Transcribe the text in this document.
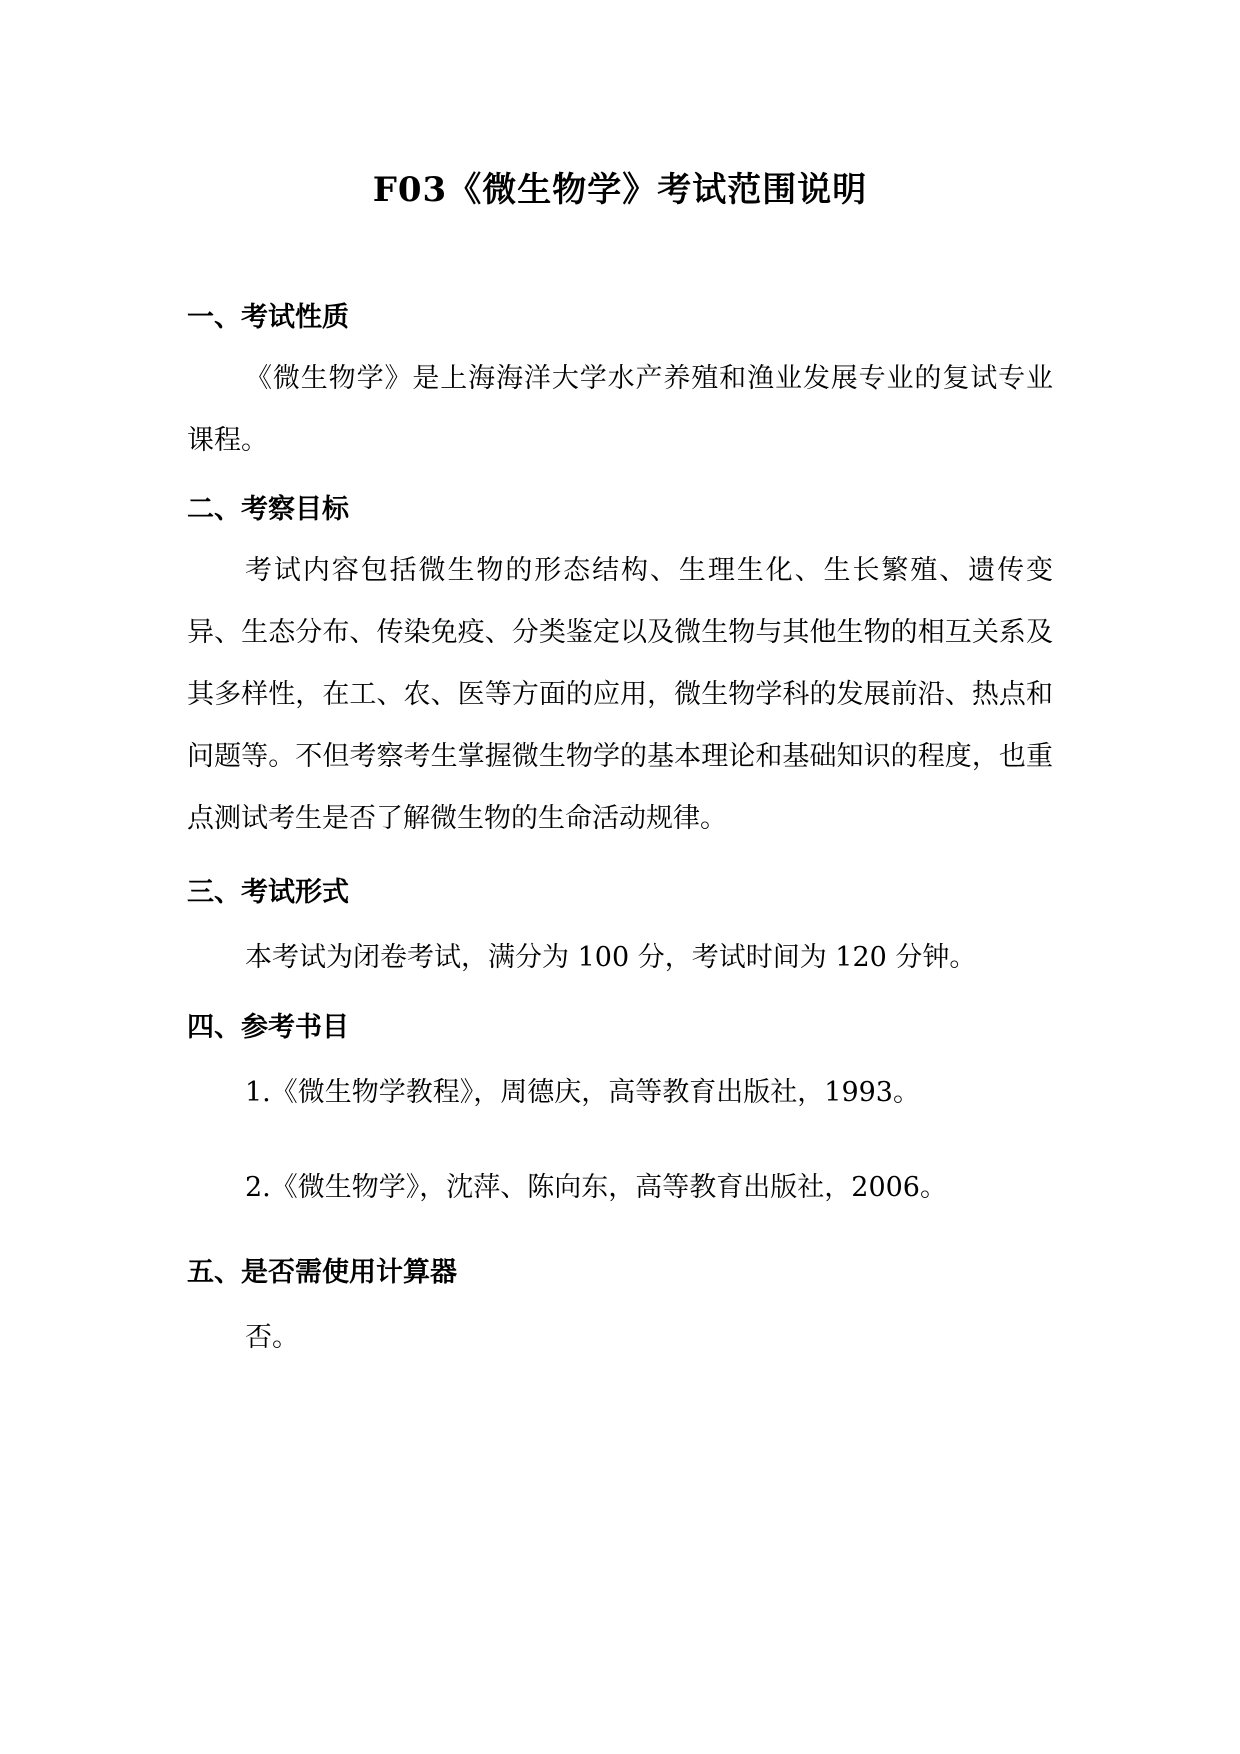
F03《微生物学》考试范围说明
一、考试性质
《微生物学》是上海海洋大学水产养殖和渔业发展专业的复试专业课程。
二、考察目标
考试内容包括微生物的形态结构、生理生化、生长繁殖、遗传变异、生态分布、传染免疫、分类鉴定以及微生物与其他生物的相互关系及其多样性，在工、农、医等方面的应用，微生物学科的发展前沿、热点和问题等。不但考察考生掌握微生物学的基本理论和基础知识的程度，也重点测试考生是否了解微生物的生命活动规律。
三、考试形式
本考试为闭卷考试，满分为 100 分，考试时间为 120 分钟。
四、参考书目
1.《微生物学教程》，周德庆，高等教育出版社，1993。
2.《微生物学》，沈萍、陈向东，高等教育出版社，2006。
五、是否需使用计算器
否。
